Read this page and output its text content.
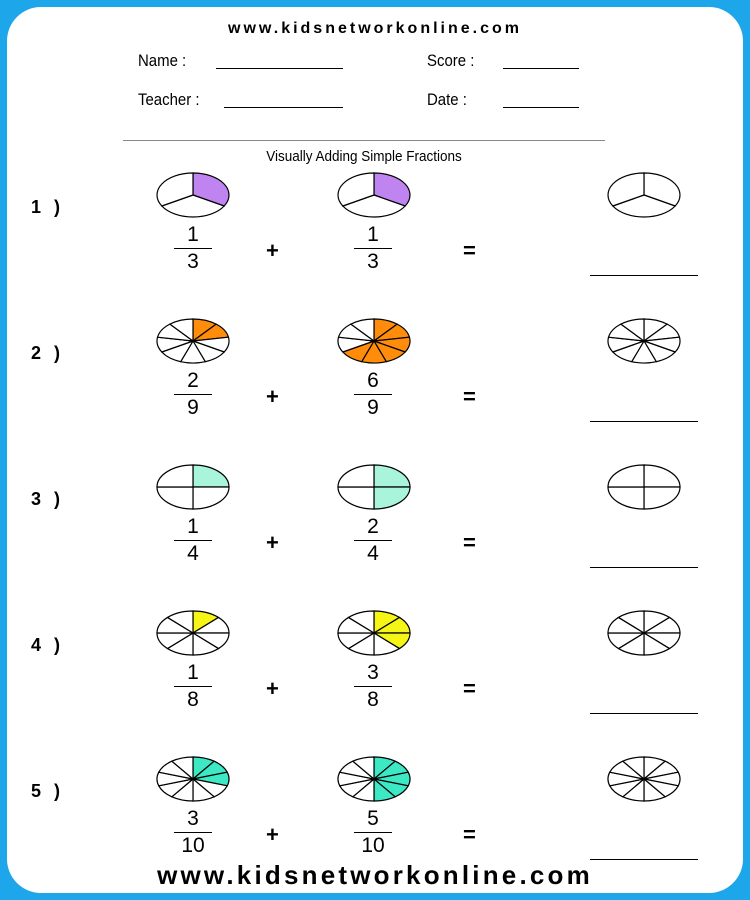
www.kidsnetworkonline.com
Name :	Score :
Teacher :	Date :
Visually Adding Simple Fractions
1 )
1
3	+
1
3	=
2 )
2
9	+
6
9	=
3 )
1
4	+
2
4	=
4 )
1
8	+
3
8	=
5 )
3
10	+
5
10	=
www.kidsnetworkonline.com
